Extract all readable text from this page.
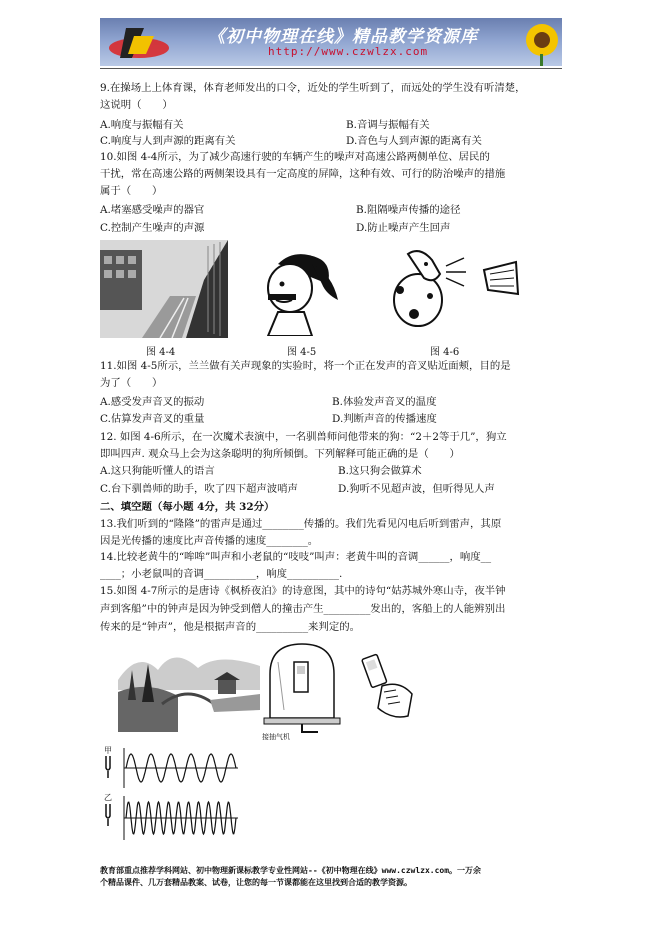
《初中物理在线》精品教学资源库
http://www.czwlzx.com
9.在操场上上体育课，体育老师发出的口令，近处的学生听到了，而远处的学生没有听清楚，
这说明（　　）
A.响度与振幅有关	B.音调与振幅有关
C.响度与人到声源的距离有关	D.音色与人到声源的距离有关
10.如图 4-4所示，为了减少高速行驶的车辆产生的噪声对高速公路两侧单位、居民的
干扰，常在高速公路的两侧架设具有一定高度的屏障，这种有效、可行的防治噪声的措施
属于（　　）
A.堵塞感受噪声的器官	B.阻隔噪声传播的途径
C.控制产生噪声的声源	D.防止噪声产生回声
图 4-4	图 4-5	图 4-6
11.如图 4-5所示，兰兰做有关声现象的实验时，将一个正在发声的音叉贴近面颊，目的是
为了（　　）
A.感受发声音叉的振动	B.体验发声音叉的温度
C.估算发声音叉的重量	D.判断声音的传播速度
12. 如图 4-6所示，在一次魔术表演中，一名驯兽师问他带来的狗：“2＋2等于几”，狗立
即叫四声. 观众马上会为这条聪明的狗所倾倒。下列解释可能正确的是（　　）
A.这只狗能听懂人的语言	B.这只狗会做算术
C.台下驯兽师的助手，吹了四下超声波哨声	D.狗听不见超声波，但听得见人声
二、填空题（每小题 4分，共 32分）
13.我们听到的“隆隆”的雷声是通过________传播的。我们先看见闪电后听到雷声，其原
因是光传播的速度比声音传播的速度________。
14.比较老黄牛的“哞哞”叫声和小老鼠的“吱吱”叫声：老黄牛叫的音调______，响度__
____；小老鼠叫的音调__________，响度__________.
15.如图 4-7所示的是唐诗《枫桥夜泊》的诗意图，其中的诗句“姑苏城外寒山寺，夜半钟
声到客船”中的钟声是因为钟受到僧人的撞击产生_________发出的，客船上的人能辨别出
传来的是“钟声”，他是根据声音的__________来判定的。
接抽气机
甲
乙
教育部重点推荐学科网站、初中物理新课标教学专业性网站--《初中物理在线》www.czwlzx.com。一万余
个精品课件、几万套精品教案、试卷，让您的每一节课都能在这里找到合适的教学资源。
